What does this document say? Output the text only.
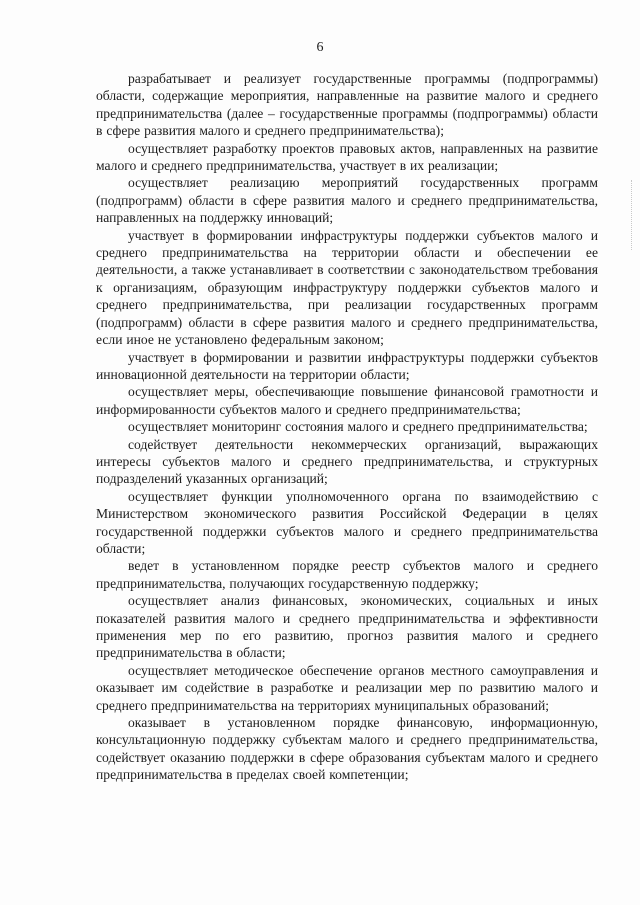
6

разрабатывает и реализует государственные программы (подпрограммы) области, содержащие мероприятия, направленные на развитие малого и среднего предпринимательства (далее – государственные программы (подпрограммы) области в сфере развития малого и среднего предпринимательства);

осуществляет разработку проектов правовых актов, направленных на развитие малого и среднего предпринимательства, участвует в их реализации;

осуществляет реализацию мероприятий государственных программ (подпрограмм) области в сфере развития малого и среднего предпринимательства, направленных на поддержку инноваций;

участвует в формировании инфраструктуры поддержки субъектов малого и среднего предпринимательства на территории области и обеспечении ее деятельности, а также устанавливает в соответствии с законодательством требования к организациям, образующим инфраструктуру поддержки субъектов малого и среднего предпринимательства, при реализации государственных программ (подпрограмм) области в сфере развития малого и среднего предпринимательства, если иное не установлено федеральным законом;

участвует в формировании и развитии инфраструктуры поддержки субъектов инновационной деятельности на территории области;

осуществляет меры, обеспечивающие повышение финансовой грамотности и информированности субъектов малого и среднего предпринимательства;

осуществляет мониторинг состояния малого и среднего предпринимательства;

содействует деятельности некоммерческих организаций, выражающих интересы субъектов малого и среднего предпринимательства, и структурных подразделений указанных организаций;

осуществляет функции уполномоченного органа по взаимодействию с Министерством экономического развития Российской Федерации в целях государственной поддержки субъектов малого и среднего предпринимательства области;

ведет в установленном порядке реестр субъектов малого и среднего предпринимательства, получающих государственную поддержку;

осуществляет анализ финансовых, экономических, социальных и иных показателей развития малого и среднего предпринимательства и эффективности применения мер по его развитию, прогноз развития малого и среднего предпринимательства в области;

осуществляет методическое обеспечение органов местного самоуправления и оказывает им содействие в разработке и реализации мер по развитию малого и среднего предпринимательства на территориях муниципальных образований;

оказывает в установленном порядке финансовую, информационную, консультационную поддержку субъектам малого и среднего предпринимательства, содействует оказанию поддержки в сфере образования субъектам малого и среднего предпринимательства в пределах своей компетенции;
